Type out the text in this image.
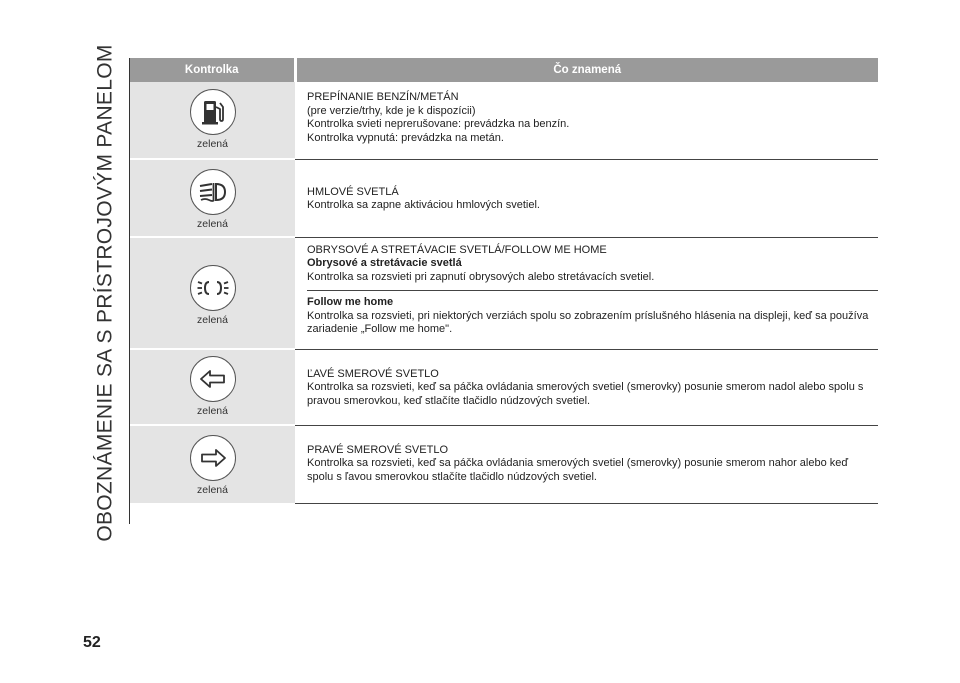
OBOZNÁMENIE SA S PRÍSTROJOVÝM PANELOM	Kontrolka	Čo znamená

zelená	PREPÍNANIE BENZÍN/METÁN
(pre verzie/trhy, kde je k dispozícii)
Kontrolka svieti neprerušovane: prevádzka na benzín.
Kontrolka vypnutá: prevádzka na metán.

zelená	HMLOVÉ SVETLÁ
Kontrolka sa zapne aktiváciou hmlových svetiel.

zelená	OBRYSOVÉ A STRETÁVACIE SVETLÁ/FOLLOW ME HOME
Obrysové a stretávacie svetlá
Kontrolka sa rozsvieti pri zapnutí obrysových alebo stretávacích svetiel.
Follow me home
Kontrolka sa rozsvieti, pri niektorých verziách spolu so zobrazením príslušného hlásenia na displeji, keď sa používa zariadenie „Follow me home".

zelená	ĽAVÉ SMEROVÉ SVETLO
Kontrolka sa rozsvieti, keď sa páčka ovládania smerových svetiel (smerovky) posunie smerom nadol alebo spolu s pravou smerovkou, keď stlačíte tlačidlo núdzových svetiel.

zelená	PRAVÉ SMEROVÉ SVETLO
Kontrolka sa rozsvieti, keď sa páčka ovládania smerových svetiel (smerovky) posunie smerom nahor alebo keď spolu s ľavou smerovkou stlačíte tlačidlo núdzových svetiel.
52
